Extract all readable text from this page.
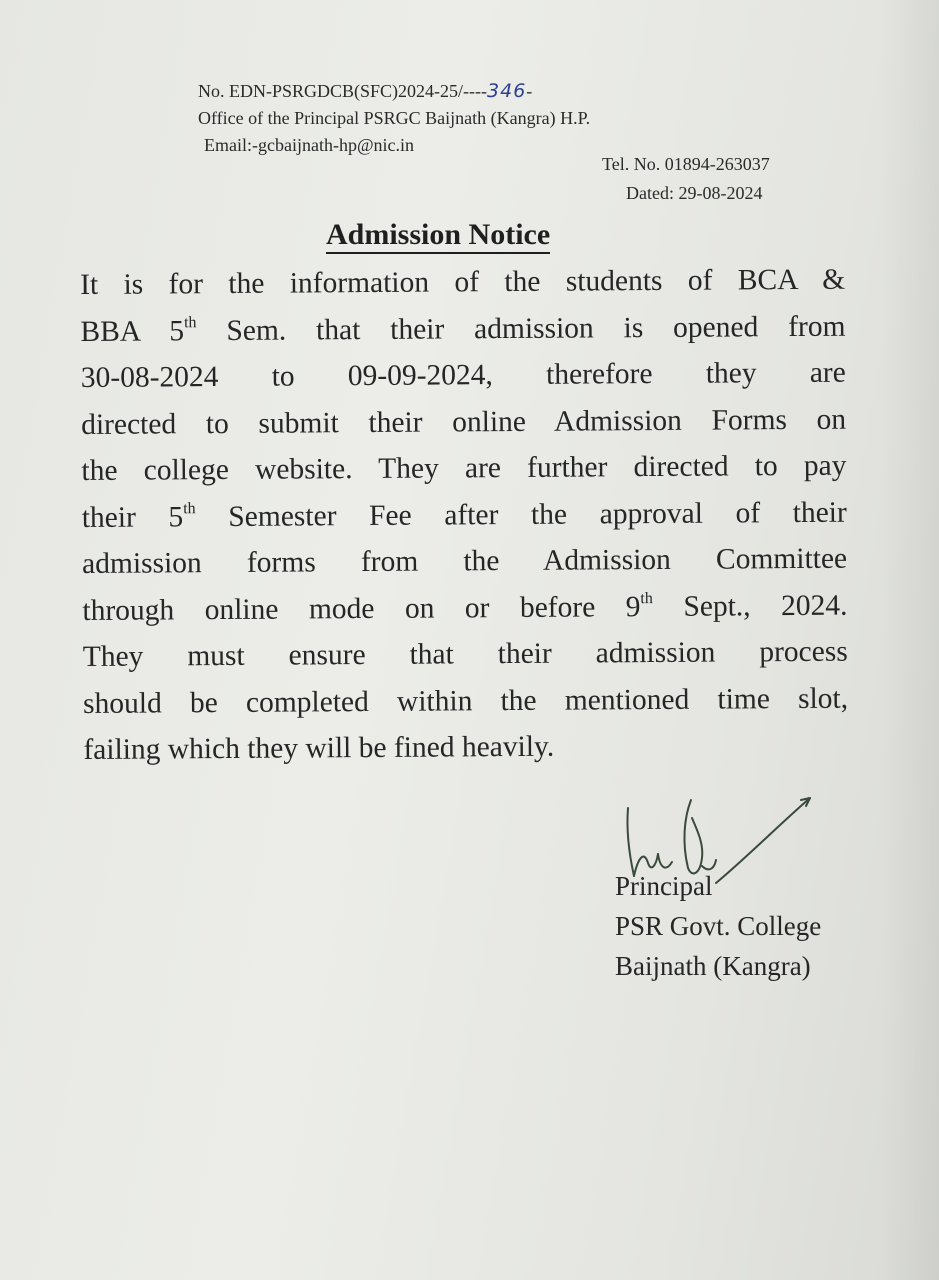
No. EDN-PSRGDCB(SFC)2024-25/----346-
Office of the Principal PSRGC Baijnath (Kangra) H.P.
Email:-gcbaijnath-hp@nic.in
Tel. No. 01894-263037
Dated: 29-08-2024
Admission Notice
It is for the information of the students of BCA &
BBA 5th Sem. that their admission is opened from
30-08-2024 to 09-09-2024, therefore they are
directed to submit their online Admission Forms on
the college website. They are further directed to pay
their 5th Semester Fee after the approval of their
admission forms from the Admission Committee
through online mode on or before 9th Sept., 2024.
They must ensure that their admission process
should be completed within the mentioned time slot,
failing which they will be fined heavily.
Principal
PSR Govt. College
Baijnath (Kangra)
